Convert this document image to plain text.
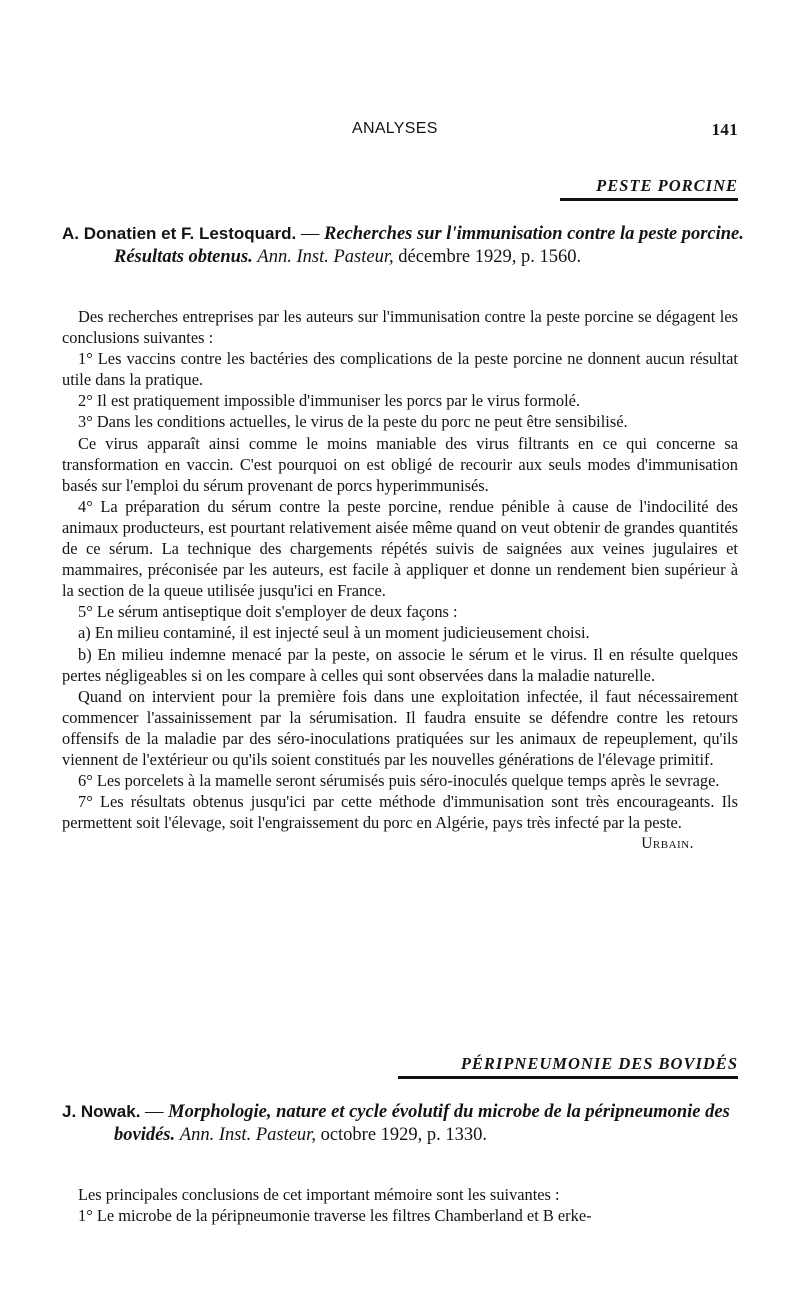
ANALYSES	141
PESTE PORCINE

A. Donatien et F. Lestoquard. — Recherches sur l'immunisation contre la peste porcine. Résultats obtenus. Ann. Inst. Pasteur, décembre 1929, p. 1560.

Des recherches entreprises par les auteurs sur l'immunisation contre la peste porcine se dégagent les conclusions suivantes :

1° Les vaccins contre les bactéries des complications de la peste porcine ne donnent aucun résultat utile dans la pratique.

2° Il est pratiquement impossible d'immuniser les porcs par le virus formolé.

3° Dans les conditions actuelles, le virus de la peste du porc ne peut être sensibilisé.

Ce virus apparaît ainsi comme le moins maniable des virus filtrants en ce qui concerne sa transformation en vaccin. C'est pourquoi on est obligé de recourir aux seuls modes d'immunisation basés sur l'emploi du sérum provenant de porcs hyperimmunisés.

4° La préparation du sérum contre la peste porcine, rendue pénible à cause de l'indocilité des animaux producteurs, est pourtant relativement aisée même quand on veut obtenir de grandes quantités de ce sérum. La technique des chargements répétés suivis de saignées aux veines jugulaires et mammaires, préconisée par les auteurs, est facile à appliquer et donne un rendement bien supérieur à la section de la queue utilisée jusqu'ici en France.

5° Le sérum antiseptique doit s'employer de deux façons :

a) En milieu contaminé, il est injecté seul à un moment judicieusement choisi.

b) En milieu indemne menacé par la peste, on associe le sérum et le virus. Il en résulte quelques pertes négligeables si on les compare à celles qui sont observées dans la maladie naturelle.

Quand on intervient pour la première fois dans une exploitation infectée, il faut nécessairement commencer l'assainissement par la sérumisation. Il faudra ensuite se défendre contre les retours offensifs de la maladie par des séro-inoculations pratiquées sur les animaux de repeuplement, qu'ils viennent de l'extérieur ou qu'ils soient constitués par les nouvelles générations de l'élevage primitif.

6° Les porcelets à la mamelle seront sérumisés puis séro-inoculés quelque temps après le sevrage.

7° Les résultats obtenus jusqu'ici par cette méthode d'immunisation sont très encourageants. Ils permettent soit l'élevage, soit l'engraissement du porc en Algérie, pays très infecté par la peste.
Urbain.

PÉRIPNEUMONIE DES BOVIDÉS

J. Nowak. — Morphologie, nature et cycle évolutif du microbe de la péripneumonie des bovidés. Ann. Inst. Pasteur, octobre 1929, p. 1330.

Les principales conclusions de cet important mémoire sont les suivantes :

1° Le microbe de la péripneumonie traverse les filtres Chamberland et B erke-
